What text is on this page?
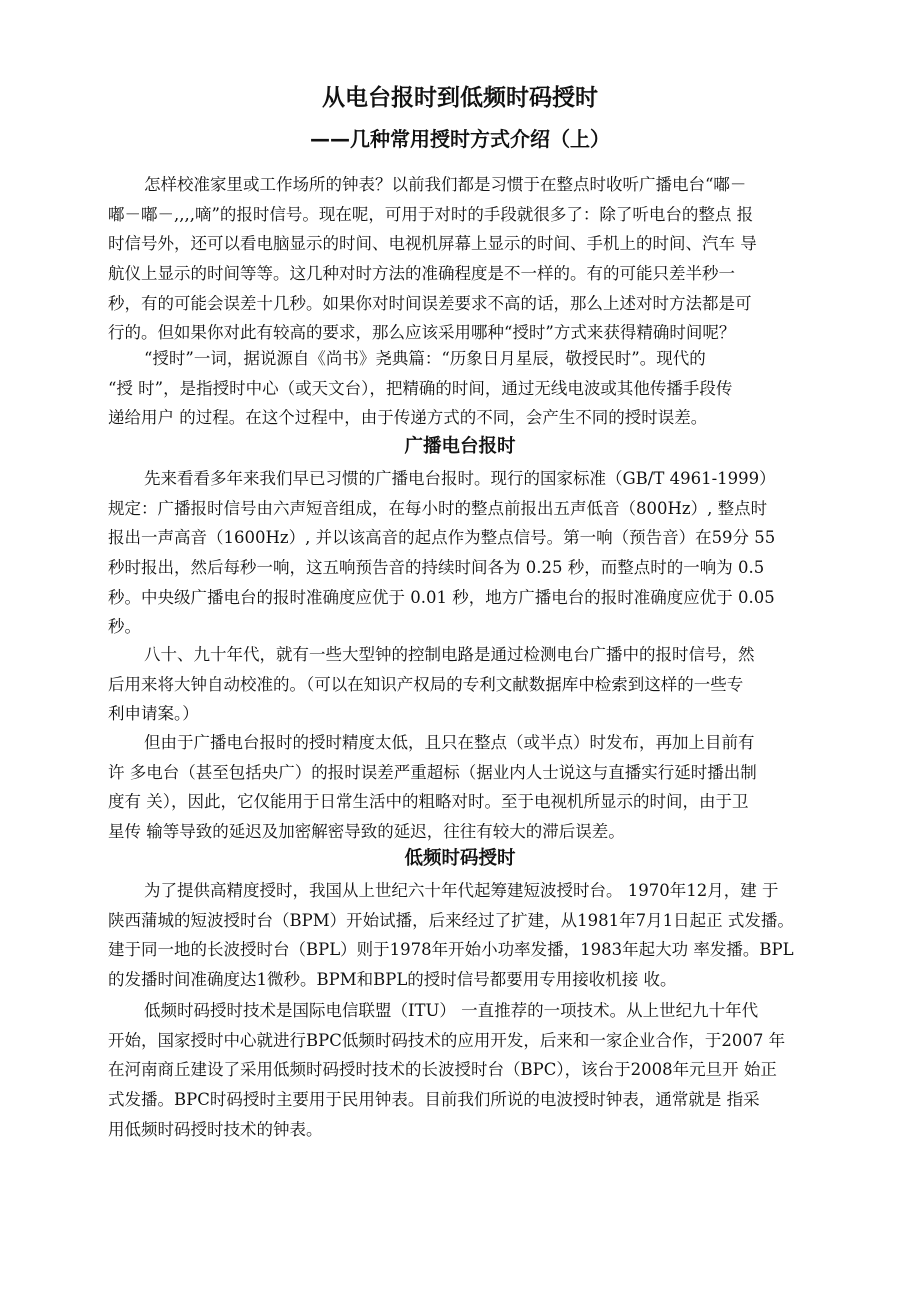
从电台报时到低频时码授时
——几种常用授时方式介绍（上）
怎样校准家里或工作场所的钟表？以前我们都是习惯于在整点时收听广播电台“嘟－
嘟－嘟－,,,,嘀”的报时信号。现在呢，可用于对时的手段就很多了：除了听电台的整点 报
时信号外，还可以看电脑显示的时间、电视机屏幕上显示的时间、手机上的时间、汽车 导
航仪上显示的时间等等。这几种对时方法的准确程度是不一样的。有的可能只差半秒一
秒，有的可能会误差十几秒。如果你对时间误差要求不高的话，那么上述对时方法都是可
行的。但如果你对此有较高的要求，那么应该采用哪种“授时”方式来获得精确时间呢？
“授时”一词，据说源自《尚书》尧典篇：“历象日月星辰，敬授民时”。现代的
“授 时”，是指授时中心（或天文台），把精确的时间，通过无线电波或其他传播手段传
递给用户 的过程。在这个过程中，由于传递方式的不同，会产生不同的授时误差。
广播电台报时
先来看看多年来我们早已习惯的广播电台报时。现行的国家标准（GB/T 4961-1999）
规定：广播报时信号由六声短音组成，在每小时的整点前报出五声低音（800Hz）, 整点时
报出一声高音（1600Hz）, 并以该高音的起点作为整点信号。第一响（预告音）在59分 55
秒时报出，然后每秒一响，这五响预告音的持续时间各为 0.25 秒，而整点时的一响为 0.5
秒。中央级广播电台的报时准确度应优于 0.01 秒，地方广播电台的报时准确度应优于 0.05
秒。
八十、九十年代，就有一些大型钟的控制电路是通过检测电台广播中的报时信号，然
后用来将大钟自动校准的。（可以在知识产权局的专利文献数据库中检索到这样的一些专
利申请案。）
但由于广播电台报时的授时精度太低，且只在整点（或半点）时发布，再加上目前有
许 多电台（甚至包括央广）的报时误差严重超标（据业内人士说这与直播实行延时播出制
度有 关），因此，它仅能用于日常生活中的粗略对时。至于电视机所显示的时间，由于卫
星传 输等导致的延迟及加密解密导致的延迟，往往有较大的滞后误差。
低频时码授时
为了提供高精度授时，我国从上世纪六十年代起筹建短波授时台。 1970年12月，建 于
陕西蒲城的短波授时台（BPM）开始试播，后来经过了扩建，从1981年7月1日起正 式发播。
建于同一地的长波授时台（BPL）则于1978年开始小功率发播，1983年起大功 率发播。BPL
的发播时间准确度达1微秒。BPM和BPL的授时信号都要用专用接收机接 收。
低频时码授时技术是国际电信联盟（ITU） 一直推荐的一项技术。从上世纪九十年代
开始，国家授时中心就进行BPC低频时码技术的应用开发，后来和一家企业合作，于2007 年
在河南商丘建设了采用低频时码授时技术的长波授时台（BPC），该台于2008年元旦开 始正
式发播。BPC时码授时主要用于民用钟表。目前我们所说的电波授时钟表，通常就是 指采
用低频时码授时技术的钟表。
